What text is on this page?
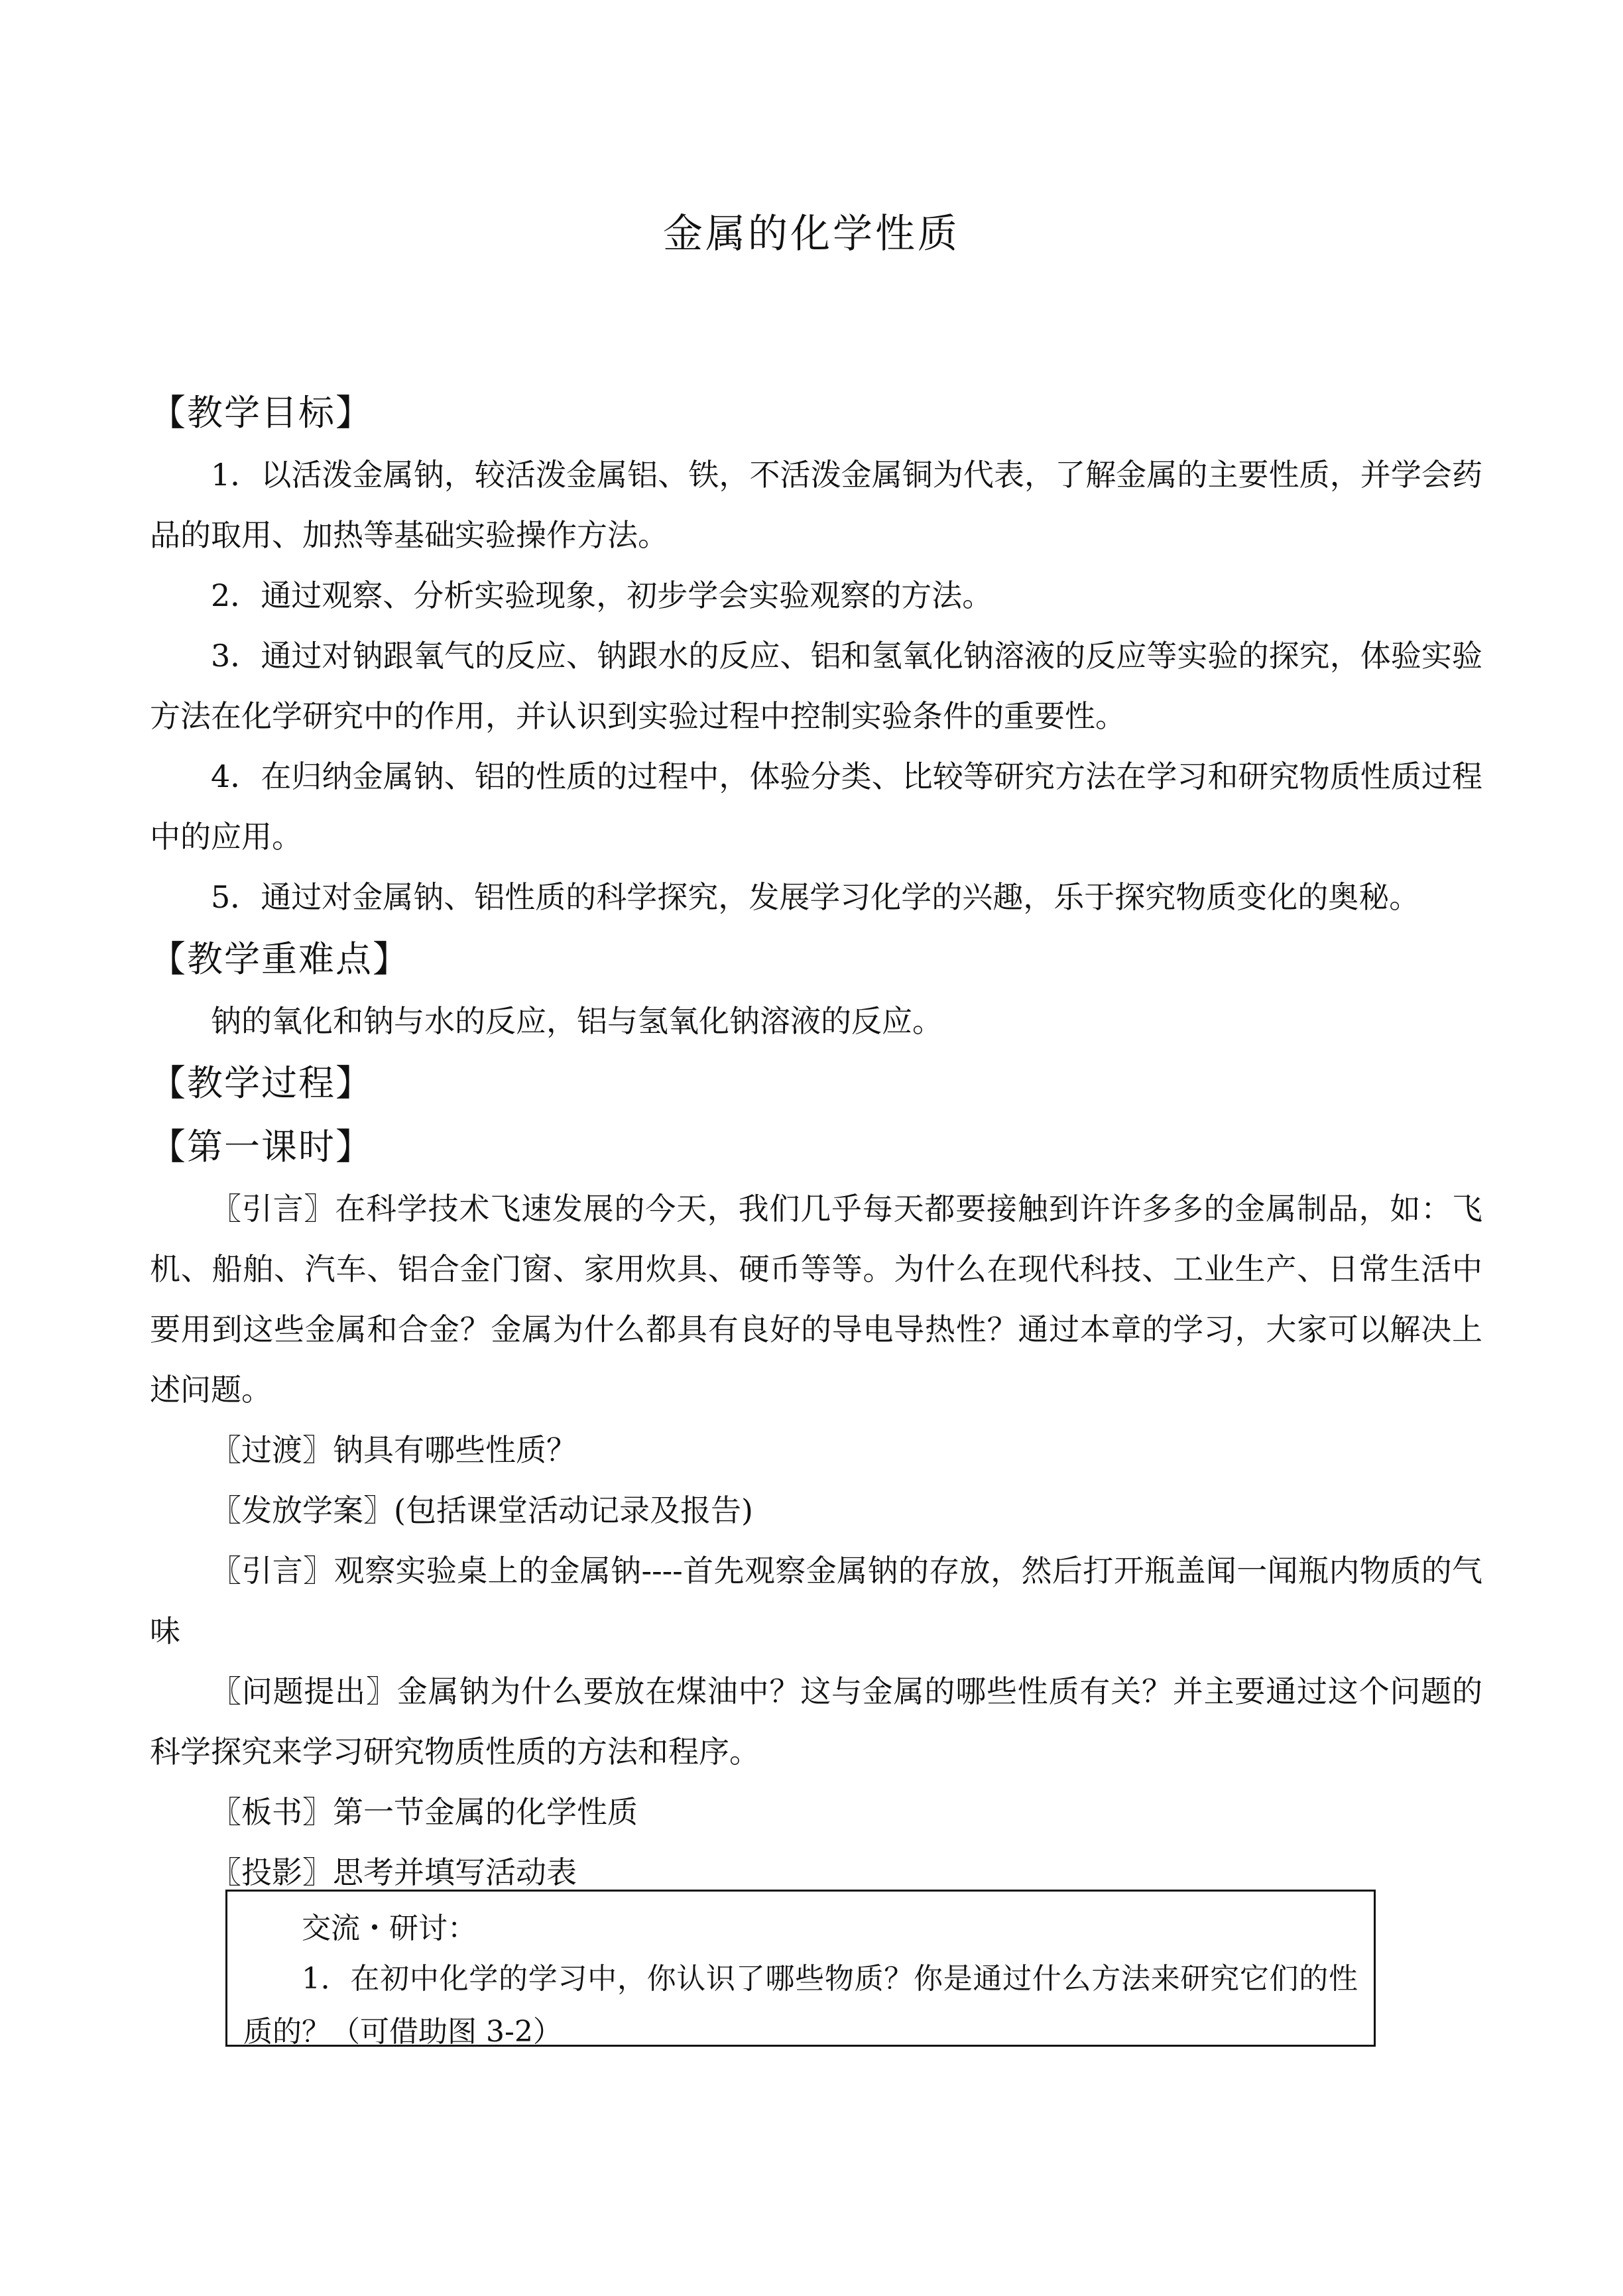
金属的化学性质
【教学目标】

1．以活泼金属钠，较活泼金属铝、铁，不活泼金属铜为代表，了解金属的主要性质，并学会药品的取用、加热等基础实验操作方法。

2．通过观察、分析实验现象，初步学会实验观察的方法。

3．通过对钠跟氧气的反应、钠跟水的反应、铝和氢氧化钠溶液的反应等实验的探究，体验实验方法在化学研究中的作用，并认识到实验过程中控制实验条件的重要性。

4．在归纳金属钠、铝的性质的过程中，体验分类、比较等研究方法在学习和研究物质性质过程中的应用。

5．通过对金属钠、铝性质的科学探究，发展学习化学的兴趣，乐于探究物质变化的奥秘。

【教学重难点】

钠的氧化和钠与水的反应，铝与氢氧化钠溶液的反应。

【教学过程】
【第一课时】

〖引言〗在科学技术飞速发展的今天，我们几乎每天都要接触到许许多多的金属制品，如：飞机、船舶、汽车、铝合金门窗、家用炊具、硬币等等。为什么在现代科技、工业生产、日常生活中要用到这些金属和合金？金属为什么都具有良好的导电导热性？通过本章的学习，大家可以解决上述问题。

〖过渡〗钠具有哪些性质？

〖发放学案〗(包括课堂活动记录及报告)

〖引言〗观察实验桌上的金属钠----首先观察金属钠的存放，然后打开瓶盖闻一闻瓶内物质的气味

〖问题提出〗金属钠为什么要放在煤油中？这与金属的哪些性质有关？并主要通过这个问题的科学探究来学习研究物质性质的方法和程序。

〖板书〗第一节金属的化学性质

〖投影〗思考并填写活动表

交流・研讨：
1．在初中化学的学习中，你认识了哪些物质？你是通过什么方法来研究它们的性质的？（可借助图 3-2）
